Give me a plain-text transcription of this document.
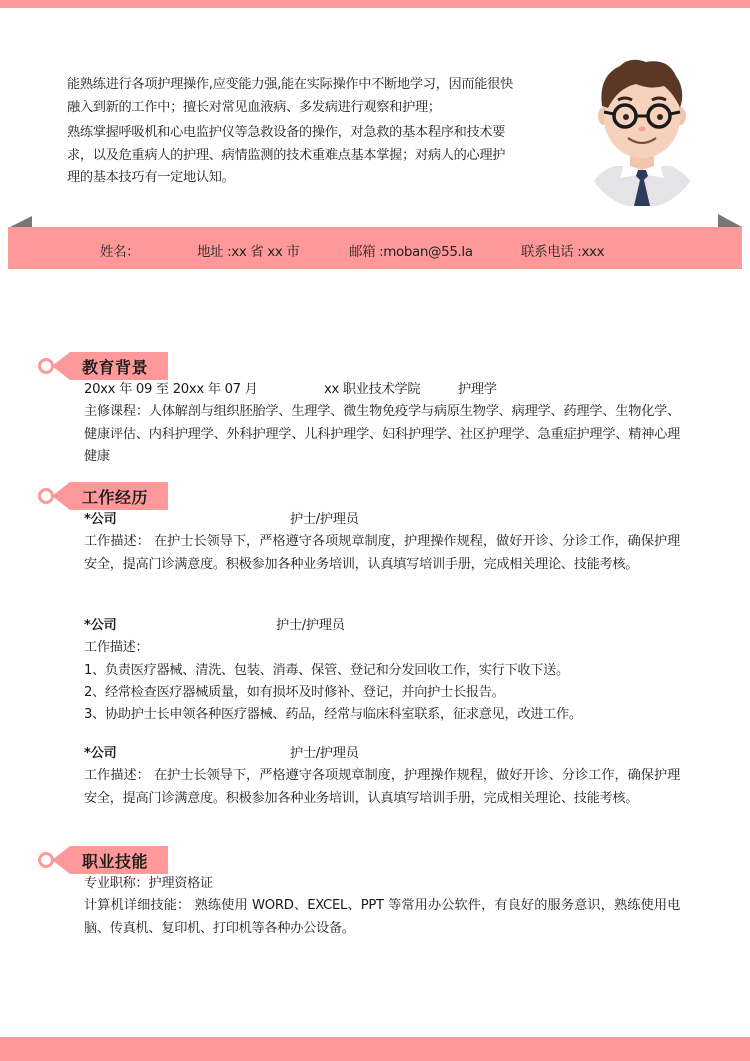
能熟练进行各项护理操作,应变能力强,能在实际操作中不断地学习，因而能很快融入到新的工作中；擅长对常见血液病、多发病进行观察和护理；

熟练掌握呼吸机和心电监护仪等急救设备的操作，对急救的基本程序和技术要求，以及危重病人的护理、病情监测的技术重难点基本掌握；对病人的心理护理的基本技巧有一定地认知。

姓名：	地址 :xx 省 xx 市	邮箱 :moban@55.la	联系电话 :xxx
教育背景
20xx 年 09 至 20xx 年 07 月	xx 职业技术学院	护理学
主修课程：人体解剖与组织胚胎学、生理学、微生物免疫学与病原生物学、病理学、药理学、生物化学、健康评估、内科护理学、外科护理学、儿科护理学、妇科护理学、社区护理学、急重症护理学、精神心理健康
工作经历
*公司	护士/护理员
工作描述： 在护士长领导下，严格遵守各项规章制度，护理操作规程，做好开诊、分诊工作，确保护理安全，提高门诊满意度。积极参加各种业务培训，认真填写培训手册，完成相关理论、技能考核。
*公司	护士/护理员
工作描述：
1、负责医疗器械、清洗、包装、消毒、保管、登记和分发回收工作，实行下收下送。
2、经常检查医疗器械质量，如有损坏及时修补、登记，并向护士长报告。
3、协助护士长申领各种医疗器械、药品，经常与临床科室联系，征求意见，改进工作。
*公司	护士/护理员
工作描述： 在护士长领导下，严格遵守各项规章制度，护理操作规程，做好开诊、分诊工作，确保护理安全，提高门诊满意度。积极参加各种业务培训，认真填写培训手册，完成相关理论、技能考核。
职业技能
专业职称：护理资格证
计算机详细技能： 熟练使用 WORD、EXCEL、PPT 等常用办公软件，有良好的服务意识，熟练使用电脑、传真机、复印机、打印机等各种办公设备。
